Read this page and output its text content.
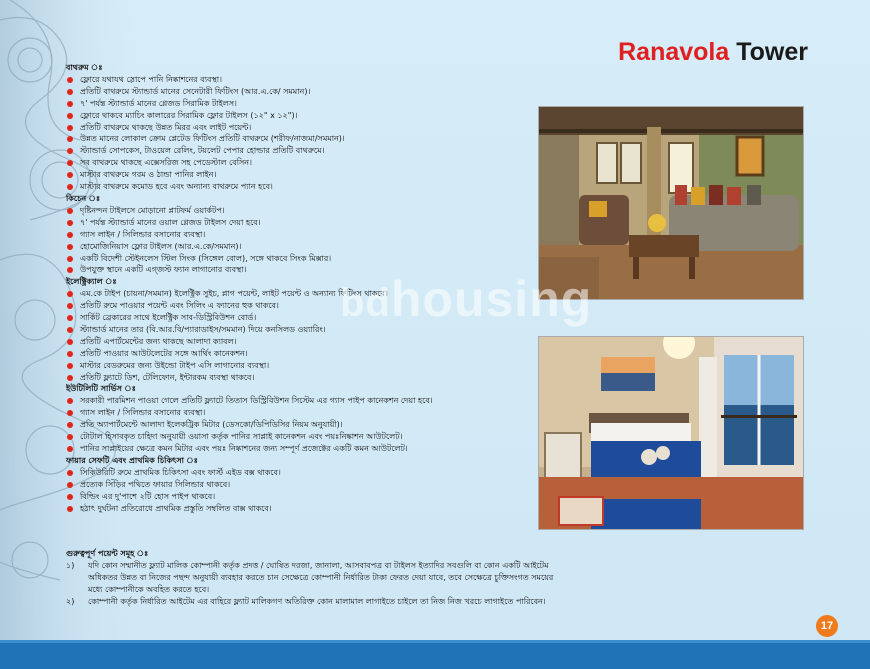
Ranavola Tower
বাথরুম ঃ
ফ্লোরে যথাযথ স্লোপে পানি নিষ্কাশনের ব্যবস্থা।
প্রতিটি বাথরুমে স্ট্যান্ডার্ড মানের সেনেটারী ফিটিংস (আর.এ.কে/ সমমান)।
৭' পর্যন্ত স্ট্যান্ডার্ড মানের গ্লেজড সিরামিক টাইলস।
ফ্লোরে থাকবে ম্যাচিং কালারের সিরামিক ফ্লোর টাইলস (১২" x ১২")।
প্রতিটি বাথরুমে থাকছে উন্নত মিরর এবং লাইট পয়েন্ট।
উন্নত মানের লোকাল ক্রোম প্লেটেড ফিটিংস প্রতিটি বাথরুমে (শরীফ/নাজমা/সমমান)।
স্ট্যান্ডার্ড সোপকেস, টাওয়েল রেলিং, টয়লেট পেপার হোল্ডার প্রতিটি বাথরুমে।
সব বাথরুমে থাকছে এক্সেসরিজ সহ পেডেস্টাল বেসিন।
মাস্টার বাথরুমে গরম ও ঠান্ডা পানির লাইন।
মাস্টার বাথরুমে কমোড হবে এবং অন্যান্য বাথরুমে প্যান হবে।
কিচেন ঃ
দৃষ্টিনন্দন টাইলসে মোড়ানো প্লাটফর্ম ওয়ার্কটপ।
৭' পর্যন্ত স্ট্যান্ডার্ড মানের ওয়াল গ্লেজড টাইলস দেয়া হবে।
গ্যাস লাইন / সিলিন্ডার বসানোর ব্যবস্থা।
হোমোজিনিয়াস ফ্লোর টাইলস (আর.এ.কে/সমমান)।
একটি বিদেশী স্টেইনলেস স্টিল সিংক (সিঙ্গেল বোল), সঙ্গে থাকবে সিংক মিক্সার।
উপযুক্ত স্থানে একটি এগ্জস্ট ফ্যান লাগানোর ব্যবস্থা।
ইলেক্ট্রিক্যাল ঃ
এম.কে টাইপ (চায়না/সমমান) ইলেক্ট্রিক সুইচ, প্লাগ পয়েন্ট, লাইট পয়েন্ট ও অন্যান্য ফিটিংস থাকবে।
প্রতিটি রুমে পাওয়ার পয়েন্ট এবং সিলিং এ ফ্যানের হুক থাকবে।
সার্কিট ব্রেকারের সাথে ইলেক্ট্রিক সাব-ডিস্ট্রিবিউশন বোর্ড।
স্ট্যান্ডার্ড মানের তার (বি.আর.বি/প্যারাডাইস/সমমান) দিয়ে কনসিলড ওয়্যারিং।
প্রতিটি এপার্টমেন্টের জন্য থাকছে আলাদা ক্যাবল।
প্রতিটি পাওয়ার আউটলেটের সঙ্গে আর্থিং কানেকশন।
মাস্টার বেডরুমের জন্য উইন্ডো টাইপ এসি লাগানোর ব্যবস্থা।
প্রতিটি ফ্ল্যাটে ডিশ, টেলিফোন, ইন্টারকম ব্যবস্থা থাকবে।
ইউটিলিটি সার্ভিস ঃ
সরকারী পারমিশন পাওয়া গেলে প্রতিটি ফ্ল্যাটে তিতাস ডিস্ট্রিবিউশন সিস্টেম এর গ্যাস পাইপ কানেকশন দেয়া হবে।
গ্যাস লাইন / সিলিন্ডার বসানোর ব্যবস্থা।
প্রতি অ্যাপার্টমেন্টে আলাদা ইলেকট্রিক মিটার (ডেসকো/ডিপিডিসির নিয়ম অনুযায়ী)।
টোটাল হিসাবকৃত চাহিদা অনুযায়ী ওয়াসা কর্তৃক পানির সাপ্লাই কানেকশন এবং পয়ঃনিষ্কাশন আউটলেট।
পানির সাপ্লাইয়ের ক্ষেত্রে কমন মিটার এবং পয়ঃ নিষ্কাশনের জন্য সম্পূর্ণ প্রজেক্টের একটি কমন আউটলেট।
ফায়ার সেফটি এবং প্রাথমিক চিকিৎসা ঃ
সিকিউরিটি রুমে প্রাথমিক চিকিৎসা এবং ফার্স্ট এইড বক্স থাকবে।
প্রত্যেক সিঁড়ির পথিতে ফায়ার সিলিন্ডার থাকবে।
বিল্ডিং এর দু'পাশে ২টি হোস পাইপ থাকবে।
হঠাৎ দুর্ঘটনা প্রতিরোধে প্রাথমিক প্রস্তুতি সম্বলিত বাক্স থাকবে।
গুরুত্বপূর্ণ পয়েন্ট সমূহ ঃ
১) যদি কোন সম্মানীত ফ্ল্যাট মালিক কোম্পানী কর্তৃক প্রদত্ত / ঘোষিত দরজা, জানালা, আসবাবপত্র বা টাইলস ইত্যাদির সবগুলি বা কোন একটি আইটেম
অধিকতর উন্নত বা নিজের পছন্দ অনুযায়ী ব্যবহার করতে চান সেক্ষেত্রে কোম্পানী নির্ধারিত টাকা ফেরত দেয়া যাবে, তবে সেক্ষেত্রে চুক্তিসংগত সময়ের
মধ্যে কোম্পানীকে অবহিত করতে হবে।
২) কোম্পানী কর্তৃক নির্ধারিত আইটেম এর বাহিরে ফ্ল্যাট মালিকগণ অতিরিক্ত কোন মালামাল লাগাইতে চাইলে তা নিজ নিজ খরচে লাগাইতে পারিবেন।
bdhousing
17
